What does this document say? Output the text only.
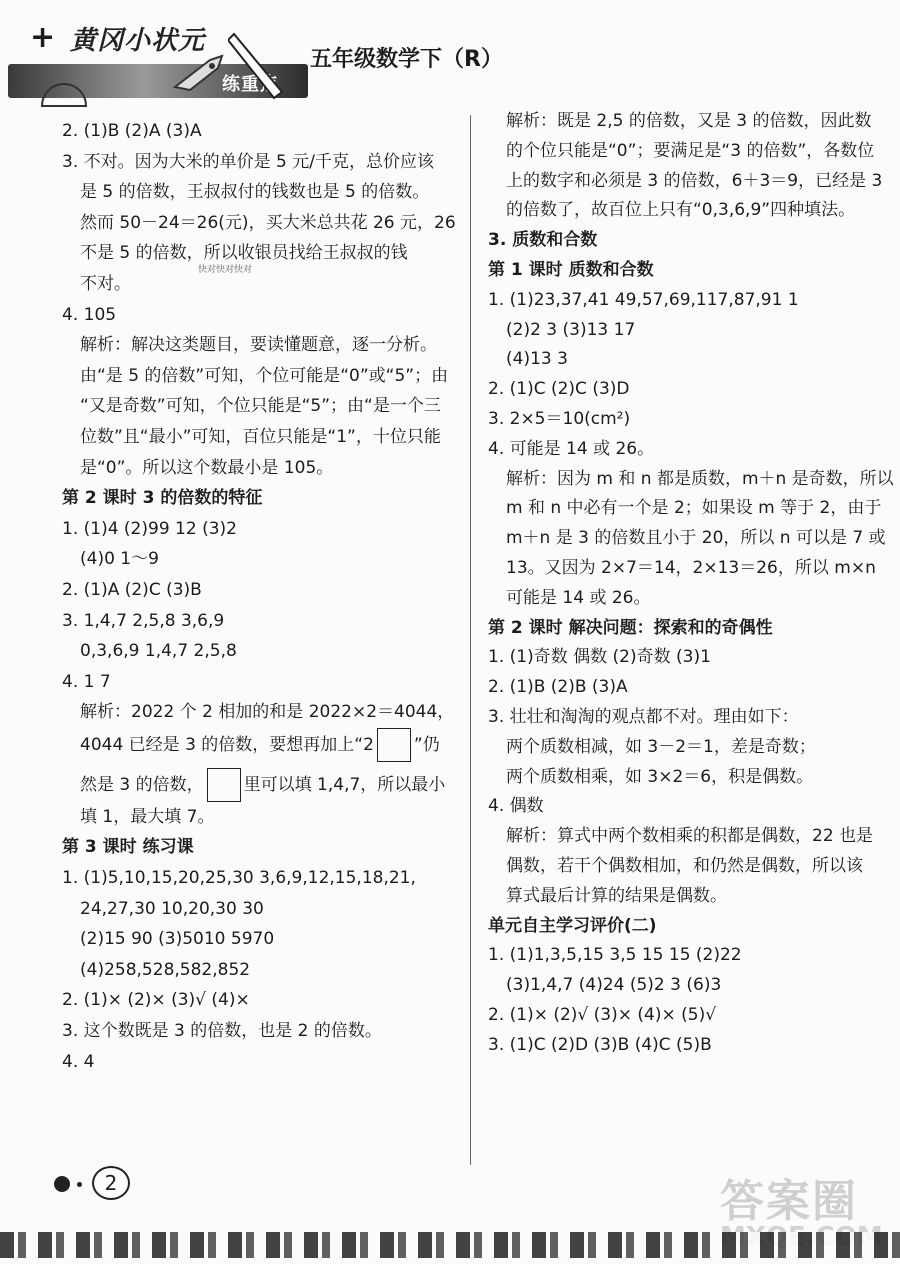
+ 黄冈小状元
练重点
五年级数学下（R）
快对快对快对
2. (1)B (2)A (3)A
3. 不对。因为大米的单价是 5 元/千克，总价应该
是 5 的倍数，王叔叔付的钱数也是 5 的倍数。
然而 50－24＝26(元)，买大米总共花 26 元，26
不是 5 的倍数，所以收银员找给王叔叔的钱
不对。
4. 105
解析：解决这类题目，要读懂题意，逐一分析。
由“是 5 的倍数”可知，个位可能是“0”或“5”；由
“又是奇数”可知，个位只能是“5”；由“是一个三
位数”且“最小”可知，百位只能是“1”，十位只能
是“0”。所以这个数最小是 105。
第 2 课时 3 的倍数的特征
1. (1)4 (2)99 12 (3)2
(4)0 1～9
2. (1)A (2)C (3)B
3. 1,4,7 2,5,8 3,6,9
0,3,6,9 1,4,7 2,5,8
4. 1 7
解析：2022 个 2 相加的和是 2022×2＝4044，
4044 已经是 3 的倍数，要想再加上“2 ”仍
然是 3 的倍数， 里可以填 1,4,7，所以最小
填 1，最大填 7。
第 3 课时 练习课
1. (1)5,10,15,20,25,30 3,6,9,12,15,18,21,
24,27,30 10,20,30 30
(2)15 90 (3)5010 5970
(4)258,528,582,852
2. (1)× (2)× (3)√ (4)×
3. 这个数既是 3 的倍数，也是 2 的倍数。
4. 4
解析：既是 2,5 的倍数，又是 3 的倍数，因此数
的个位只能是“0”；要满足是“3 的倍数”，各数位
上的数字和必须是 3 的倍数，6＋3＝9，已经是 3
的倍数了，故百位上只有“0,3,6,9”四种填法。
3. 质数和合数
第 1 课时 质数和合数
1. (1)23,37,41 49,57,69,117,87,91 1
(2)2 3 (3)13 17
(4)13 3
2. (1)C (2)C (3)D
3. 2×5＝10(cm²)
4. 可能是 14 或 26。
解析：因为 m 和 n 都是质数，m＋n 是奇数，所以
m 和 n 中必有一个是 2；如果设 m 等于 2，由于
m＋n 是 3 的倍数且小于 20，所以 n 可以是 7 或
13。又因为 2×7＝14，2×13＝26，所以 m×n
可能是 14 或 26。
第 2 课时 解决问题：探索和的奇偶性
1. (1)奇数 偶数 (2)奇数 (3)1
2. (1)B (2)B (3)A
3. 壮壮和淘淘的观点都不对。理由如下：
两个质数相减，如 3－2＝1，差是奇数；
两个质数相乘，如 3×2＝6，积是偶数。
4. 偶数
解析：算式中两个数相乘的积都是偶数，22 也是
偶数，若干个偶数相加，和仍然是偶数，所以该
算式最后计算的结果是偶数。
单元自主学习评价(二)
1. (1)1,3,5,15 3,5 15 15 (2)22
(3)1,4,7 (4)24 (5)2 3 (6)3
2. (1)× (2)√ (3)× (4)× (5)√
3. (1)C (2)D (3)B (4)C (5)B
2	答案圈
